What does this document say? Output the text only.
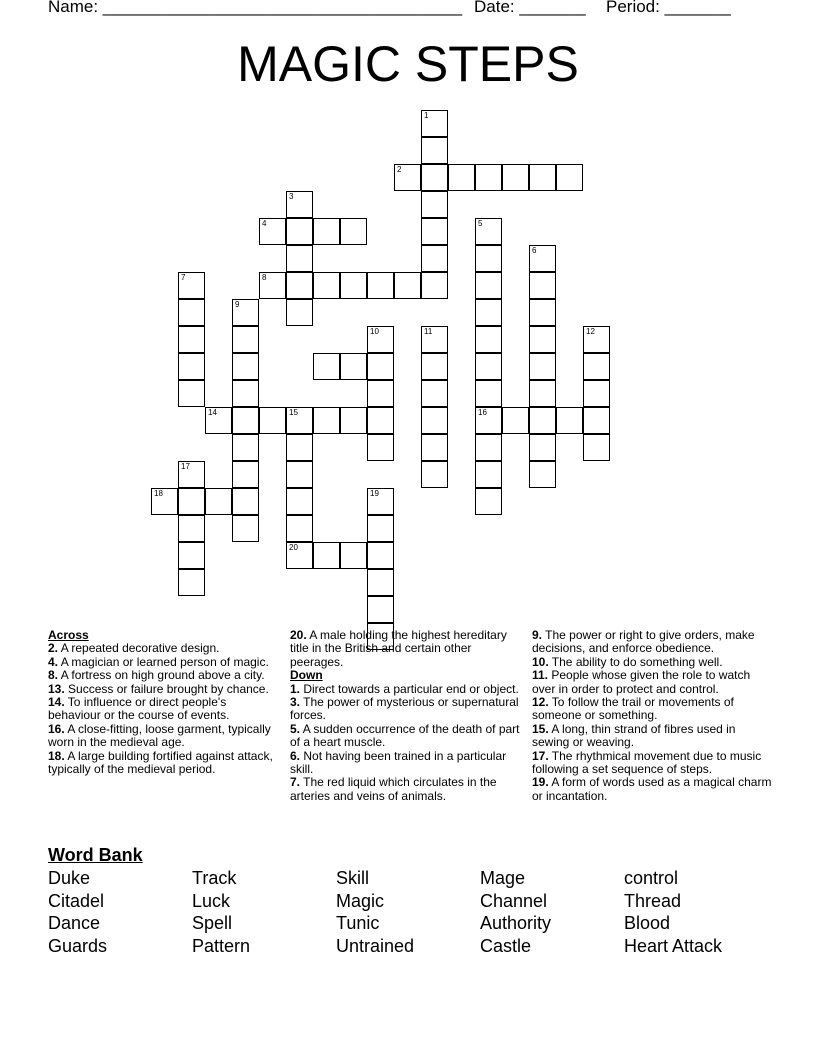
Name: ______________________________________ Date: _______ Period: _______
MAGIC STEPS
1
2
3
4	5
16
6
8
7
9
10	11	12
14	15
20
17
18	19
Across
2. A repeated decorative design.
4. A magician or learned person of magic.
8. A fortress on high ground above a city.
13. Success or failure brought by chance.
14. To influence or direct people's behaviour or the course of events.
16. A close-fitting, loose garment, typically worn in the medieval age.
18. A large building fortified against attack, typically of the medieval period.
20. A male holding the highest hereditary title in the British and certain other peerages.
Down
1. Direct towards a particular end or object.
3. The power of mysterious or supernatural forces.
5. A sudden occurrence of the death of part of a heart muscle.
6. Not having been trained in a particular skill.
7. The red liquid which circulates in the arteries and veins of animals.
9. The power or right to give orders, make decisions, and enforce obedience.
10. The ability to do something well.
11. People whose given the role to watch over in order to protect and control.
12. To follow the trail or movements of someone or something.
15. A long, thin strand of fibres used in sewing or weaving.
17. The rhythmical movement due to music following a set sequence of steps.
19. A form of words used as a magical charm or incantation.
Word Bank
Duke	Track	Skill	Mage	control
Citadel	Luck	Magic	Channel	Thread
Dance	Spell	Tunic	Authority	Blood
Guards	Pattern	Untrained	Castle	Heart Attack
